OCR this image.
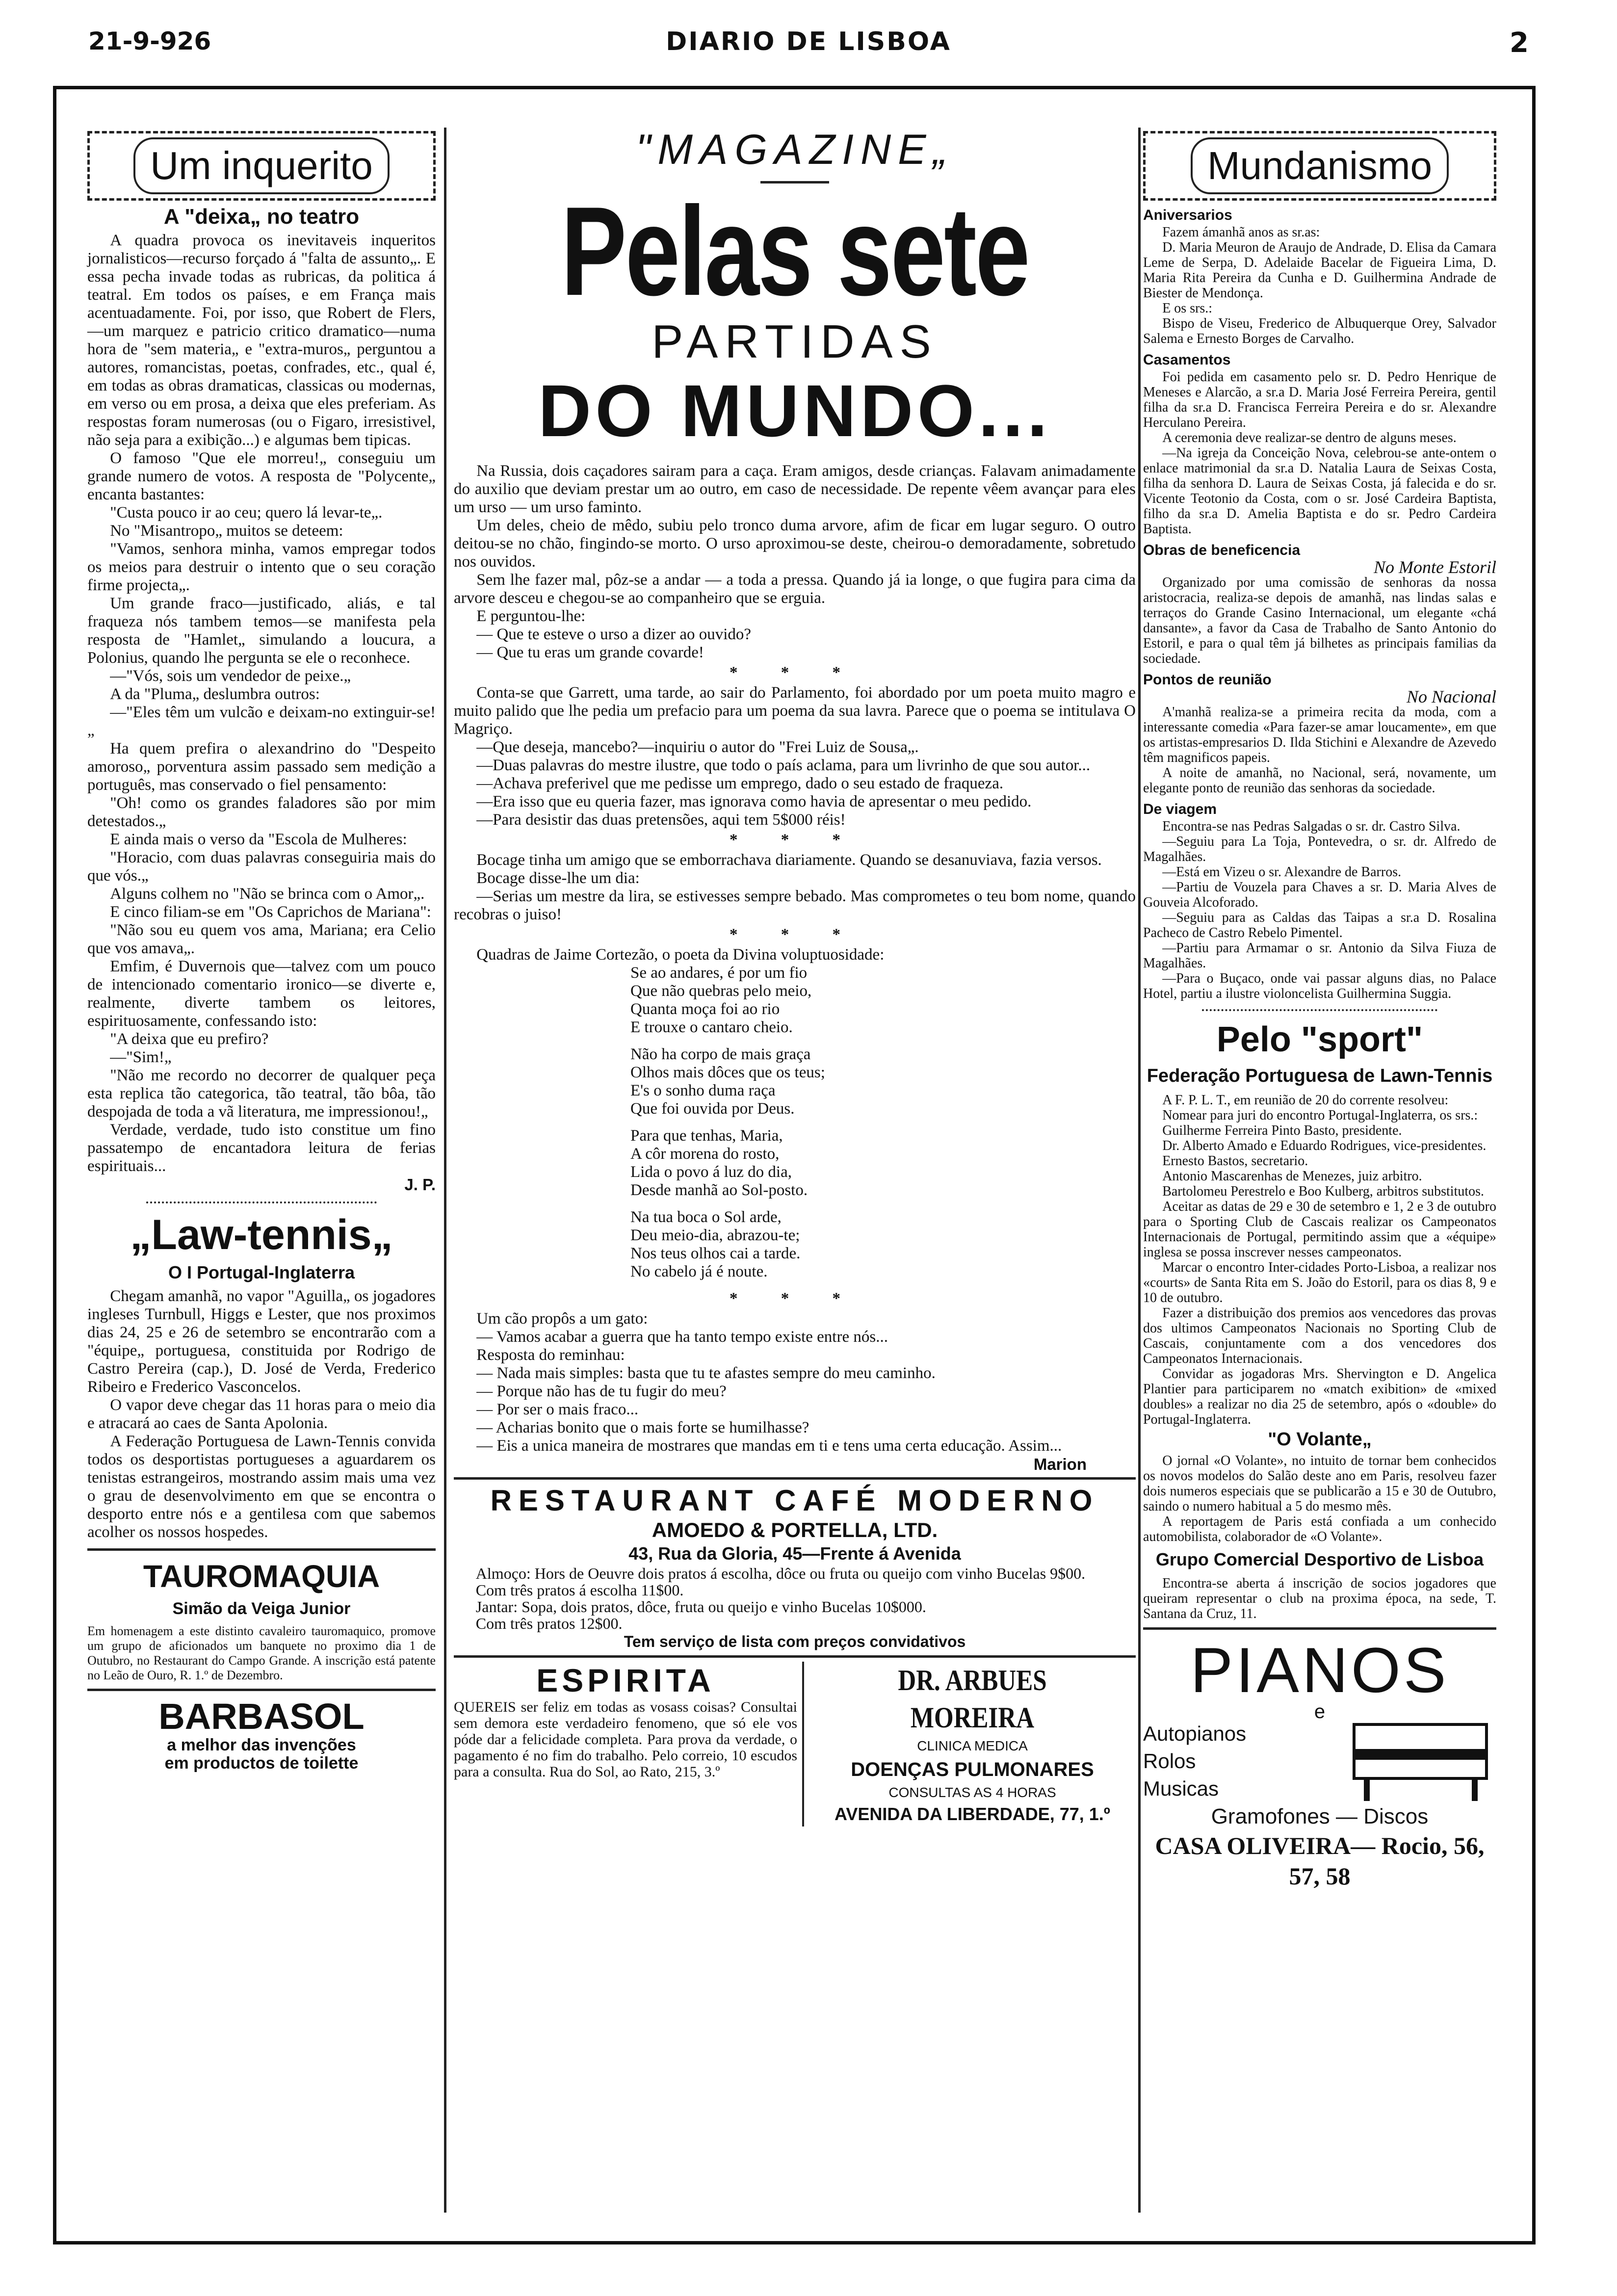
21-9-926	DIARIO DE LISBOA	2
Um inquerito
A "deixa„ no teatro

A quadra provoca os inevitaveis inqueritos jornalisticos—recurso forçado á "falta de assunto„. E essa pecha invade todas as rubricas, da politica á teatral. Em todos os países, e em França mais acentuadamente. Foi, por isso, que Robert de Flers,—um marquez e patricio critico dramatico—numa hora de "sem materia„ e "extra-muros„ perguntou a autores, romancistas, poetas, confrades, etc., qual é, em todas as obras dramaticas, classicas ou modernas, em verso ou em prosa, a deixa que eles preferiam. As respostas foram numerosas (ou o Figaro, irresistivel, não seja para a exibição...) e algumas bem tipicas.

O famoso "Que ele morreu!„ conseguiu um grande numero de votos. A resposta de "Polycente„ encanta bastantes:

"Custa pouco ir ao ceu; quero lá levar-te„.

No "Misantropo„ muitos se deteem:

"Vamos, senhora minha, vamos empregar todos os meios para destruir o intento que o seu coração firme projecta„.

Um grande fraco—justificado, aliás, e tal fraqueza nós tambem temos—se manifesta pela resposta de "Hamlet„ simulando a loucura, a Polonius, quando lhe pergunta se ele o reconhece.

—"Vós, sois um vendedor de peixe.„

A da "Pluma„ deslumbra outros:

—"Eles têm um vulcão e deixam-no extinguir-se!„

Ha quem prefira o alexandrino do "Despeito amoroso„ porventura assim passado sem medição a português, mas conservado o fiel pensamento:

"Oh! como os grandes faladores são por mim detestados.„

E ainda mais o verso da "Escola de Mulheres:

"Horacio, com duas palavras conseguiria mais do que vós.„

Alguns colhem no "Não se brinca com o Amor„.

E cinco filiam-se em "Os Caprichos de Mariana":

"Não sou eu quem vos ama, Mariana; era Celio que vos amava„.

Emfim, é Duvernois que—talvez com um pouco de intencionado comentario ironico—se diverte e, realmente, diverte tambem os leitores, espirituosamente, confessando isto:

"A deixa que eu prefiro?

—"Sim!„

"Não me recordo no decorrer de qualquer peça esta replica tão categorica, tão teatral, tão bôa, tão despojada de toda a vã literatura, me impressionou!„

Verdade, verdade, tudo isto constitue um fino passatempo de encantadora leitura de ferias espirituais...

J. P.
„Law-tennis„
O I Portugal-Inglaterra

Chegam amanhã, no vapor "Aguilla„ os jogadores ingleses Turnbull, Higgs e Lester, que nos proximos dias 24, 25 e 26 de setembro se encontrarão com a "équipe„ portuguesa, constituida por Rodrigo de Castro Pereira (cap.), D. José de Verda, Frederico Ribeiro e Frederico Vasconcelos.

O vapor deve chegar das 11 horas para o meio dia e atracará ao caes de Santa Apolonia.

A Federação Portuguesa de Lawn-Tennis convida todos os desportistas portugueses a aguardarem os tenistas estrangeiros, mostrando assim mais uma vez o grau de desenvolvimento em que se encontra o desporto entre nós e a gentilesa com que sabemos acolher os nossos hospedes.

TAUROMAQUIA
Simão da Veiga Junior
Em homenagem a este distinto cavaleiro tauromaquico, promove um grupo de aficionados um banquete no proximo dia 1 de Outubro, no Restaurant do Campo Grande. A inscrição está patente no Leão de Ouro, R. 1.º de Dezembro.
BARBASOL
a melhor das invenções
em productos de toilette
"MAGAZINE„
Pelas sete
PARTIDAS
DO MUNDO...

Na Russia, dois caçadores sairam para a caça. Eram amigos, desde crianças. Falavam animadamente do auxilio que deviam prestar um ao outro, em caso de necessidade. De repente vêem avançar para eles um urso — um urso faminto.

Um deles, cheio de mêdo, subiu pelo tronco duma arvore, afim de ficar em lugar seguro. O outro deitou-se no chão, fingindo-se morto. O urso aproximou-se deste, cheirou-o demoradamente, sobretudo nos ouvidos.

Sem lhe fazer mal, pôz-se a andar — a toda a pressa. Quando já ia longe, o que fugira para cima da arvore desceu e chegou-se ao companheiro que se erguia.

E perguntou-lhe:

— Que te esteve o urso a dizer ao ouvido?

— Que tu eras um grande covarde!

* * *

Conta-se que Garrett, uma tarde, ao sair do Parlamento, foi abordado por um poeta muito magro e muito palido que lhe pedia um prefacio para um poema da sua lavra. Parece que o poema se intitulava O Magriço.

—Que deseja, mancebo?—inquiriu o autor do "Frei Luiz de Sousa„.

—Duas palavras do mestre ilustre, que todo o país aclama, para um livrinho de que sou autor...

—Achava preferivel que me pedisse um emprego, dado o seu estado de fraqueza.

—Era isso que eu queria fazer, mas ignorava como havia de apresentar o meu pedido.

—Para desistir das duas pretensões, aqui tem 5$000 réis!

* * *

Bocage tinha um amigo que se emborrachava diariamente. Quando se desanuviava, fazia versos.

Bocage disse-lhe um dia:

—Serias um mestre da lira, se estivesses sempre bebado. Mas comprometes o teu bom nome, quando recobras o juiso!

* * *

Quadras de Jaime Cortezão, o poeta da Divina voluptuosidade:

Se ao andares, é por um fio

Que não quebras pelo meio,

Quanta moça foi ao rio

E trouxe o cantaro cheio.

Não ha corpo de mais graça

Olhos mais dôces que os teus;

E's o sonho duma raça

Que foi ouvida por Deus.

Para que tenhas, Maria,

A côr morena do rosto,

Lida o povo á luz do dia,

Desde manhã ao Sol-posto.

Na tua boca o Sol arde,

Deu meio-dia, abrazou-te;

Nos teus olhos cai a tarde.

No cabelo já é noute.

* * *

Um cão propôs a um gato:

— Vamos acabar a guerra que ha tanto tempo existe entre nós...

Resposta do reminhau:

— Nada mais simples: basta que tu te afastes sempre do meu caminho.

— Porque não has de tu fugir do meu?

— Por ser o mais fraco...

— Acharias bonito que o mais forte se humilhasse?

— Eis a unica maneira de mostrares que mandas em ti e tens uma certa educação. Assim...

Marion
RESTAURANT CAFÉ MODERNO
AMOEDO & PORTELLA, LTD.
43, Rua da Gloria, 45—Frente á Avenida

Almoço: Hors de Oeuvre dois pratos á escolha, dôce ou fruta ou queijo com vinho Bucelas 9$00.

Com três pratos á escolha 11$00.

Jantar: Sopa, dois pratos, dôce, fruta ou queijo e vinho Bucelas 10$000.

Com três pratos 12$00.

Tem serviço de lista com preços convidativos
ESPIRITA
QUEREIS ser feliz em todas as vosass coisas? Consultai sem demora este verdadeiro fenomeno, que só ele vos póde dar a felicidade completa. Para prova da verdade, o pagamento é no fim do trabalho. Pelo correio, 10 escudos para a consulta. Rua do Sol, ao Rato, 215, 3.º
DR. ARBUES MOREIRA
CLINICA MEDICA
DOENÇAS PULMONARES
CONSULTAS AS 4 HORAS
AVENIDA DA LIBERDADE, 77, 1.º
Mundanismo
Aniversarios

Fazem ámanhã anos as sr.as:

D. Maria Meuron de Araujo de Andrade, D. Elisa da Camara Leme de Serpa, D. Adelaide Bacelar de Figueira Lima, D. Maria Rita Pereira da Cunha e D. Guilhermina Andrade de Biester de Mendonça.

E os srs.:

Bispo de Viseu, Frederico de Albuquerque Orey, Salvador Salema e Ernesto Borges de Carvalho.

Casamentos

Foi pedida em casamento pelo sr. D. Pedro Henrique de Meneses e Alarcão, a sr.a D. Maria José Ferreira Pereira, gentil filha da sr.a D. Francisca Ferreira Pereira e do sr. Alexandre Herculano Pereira.

A ceremonia deve realizar-se dentro de alguns meses.

—Na igreja da Conceição Nova, celebrou-se ante-ontem o enlace matrimonial da sr.a D. Natalia Laura de Seixas Costa, filha da senhora D. Laura de Seixas Costa, já falecida e do sr. Vicente Teotonio da Costa, com o sr. José Cardeira Baptista, filho da sr.a D. Amelia Baptista e do sr. Pedro Cardeira Baptista.

Obras de beneficencia
No Monte Estoril

Organizado por uma comissão de senhoras da nossa aristocracia, realiza-se depois de amanhã, nas lindas salas e terraços do Grande Casino Internacional, um elegante «chá dansante», a favor da Casa de Trabalho de Santo Antonio do Estoril, e para o qual têm já bilhetes as principais familias da sociedade.

Pontos de reunião
No Nacional

A'manhã realiza-se a primeira recita da moda, com a interessante comedia «Para fazer-se amar loucamente», em que os artistas-empresarios D. Ilda Stichini e Alexandre de Azevedo têm magnificos papeis.

A noite de amanhã, no Nacional, será, novamente, um elegante ponto de reunião das senhoras da sociedade.

De viagem

Encontra-se nas Pedras Salgadas o sr. dr. Castro Silva.

—Seguiu para La Toja, Pontevedra, o sr. dr. Alfredo de Magalhães.

—Está em Vizeu o sr. Alexandre de Barros.

—Partiu de Vouzela para Chaves a sr. D. Maria Alves de Gouveia Alcoforado.

—Seguiu para as Caldas das Taipas a sr.a D. Rosalina Pacheco de Castro Rebelo Pimentel.

—Partiu para Armamar o sr. Antonio da Silva Fiuza de Magalhães.

—Para o Buçaco, onde vai passar alguns dias, no Palace Hotel, partiu a ilustre violoncelista Guilhermina Suggia.

Pelo "sport"
Federação Portuguesa de Lawn-Tennis

A F. P. L. T., em reunião de 20 do corrente resolveu:

Nomear para juri do encontro Portugal-Inglaterra, os srs.:

Guilherme Ferreira Pinto Basto, presidente.

Dr. Alberto Amado e Eduardo Rodrigues, vice-presidentes.

Ernesto Bastos, secretario.

Antonio Mascarenhas de Menezes, juiz arbitro.

Bartolomeu Perestrelo e Boo Kulberg, arbitros substitutos.

Aceitar as datas de 29 e 30 de setembro e 1, 2 e 3 de outubro para o Sporting Club de Cascais realizar os Campeonatos Internacionais de Portugal, permitindo assim que a «équipe» inglesa se possa inscrever nesses campeonatos.

Marcar o encontro Inter-cidades Porto-Lisboa, a realizar nos «courts» de Santa Rita em S. João do Estoril, para os dias 8, 9 e 10 de outubro.

Fazer a distribuição dos premios aos vencedores das provas dos ultimos Campeonatos Nacionais no Sporting Club de Cascais, conjuntamente com a dos vencedores dos Campeonatos Internacionais.

Convidar as jogadoras Mrs. Shervington e D. Angelica Plantier para participarem no «match exibition» de «mixed doubles» a realizar no dia 25 de setembro, após o «double» do Portugal-Inglaterra.

"O Volante„

O jornal «O Volante», no intuito de tornar bem conhecidos os novos modelos do Salão deste ano em Paris, resolveu fazer dois numeros especiais que se publicarão a 15 e 30 de Outubro, saindo o numero habitual a 5 do mesmo mês.

A reportagem de Paris está confiada a um conhecido automobilista, colaborador de «O Volante».

Grupo Comercial Desportivo de Lisboa

Encontra-se aberta á inscrição de socios jogadores que queiram representar o club na proxima época, na sede, T. Santana da Cruz, 11.

PIANOS
e
Autopianos
Rolos
Musicas
Gramofones — Discos
CASA OLIVEIRA— Rocio, 56, 57, 58
